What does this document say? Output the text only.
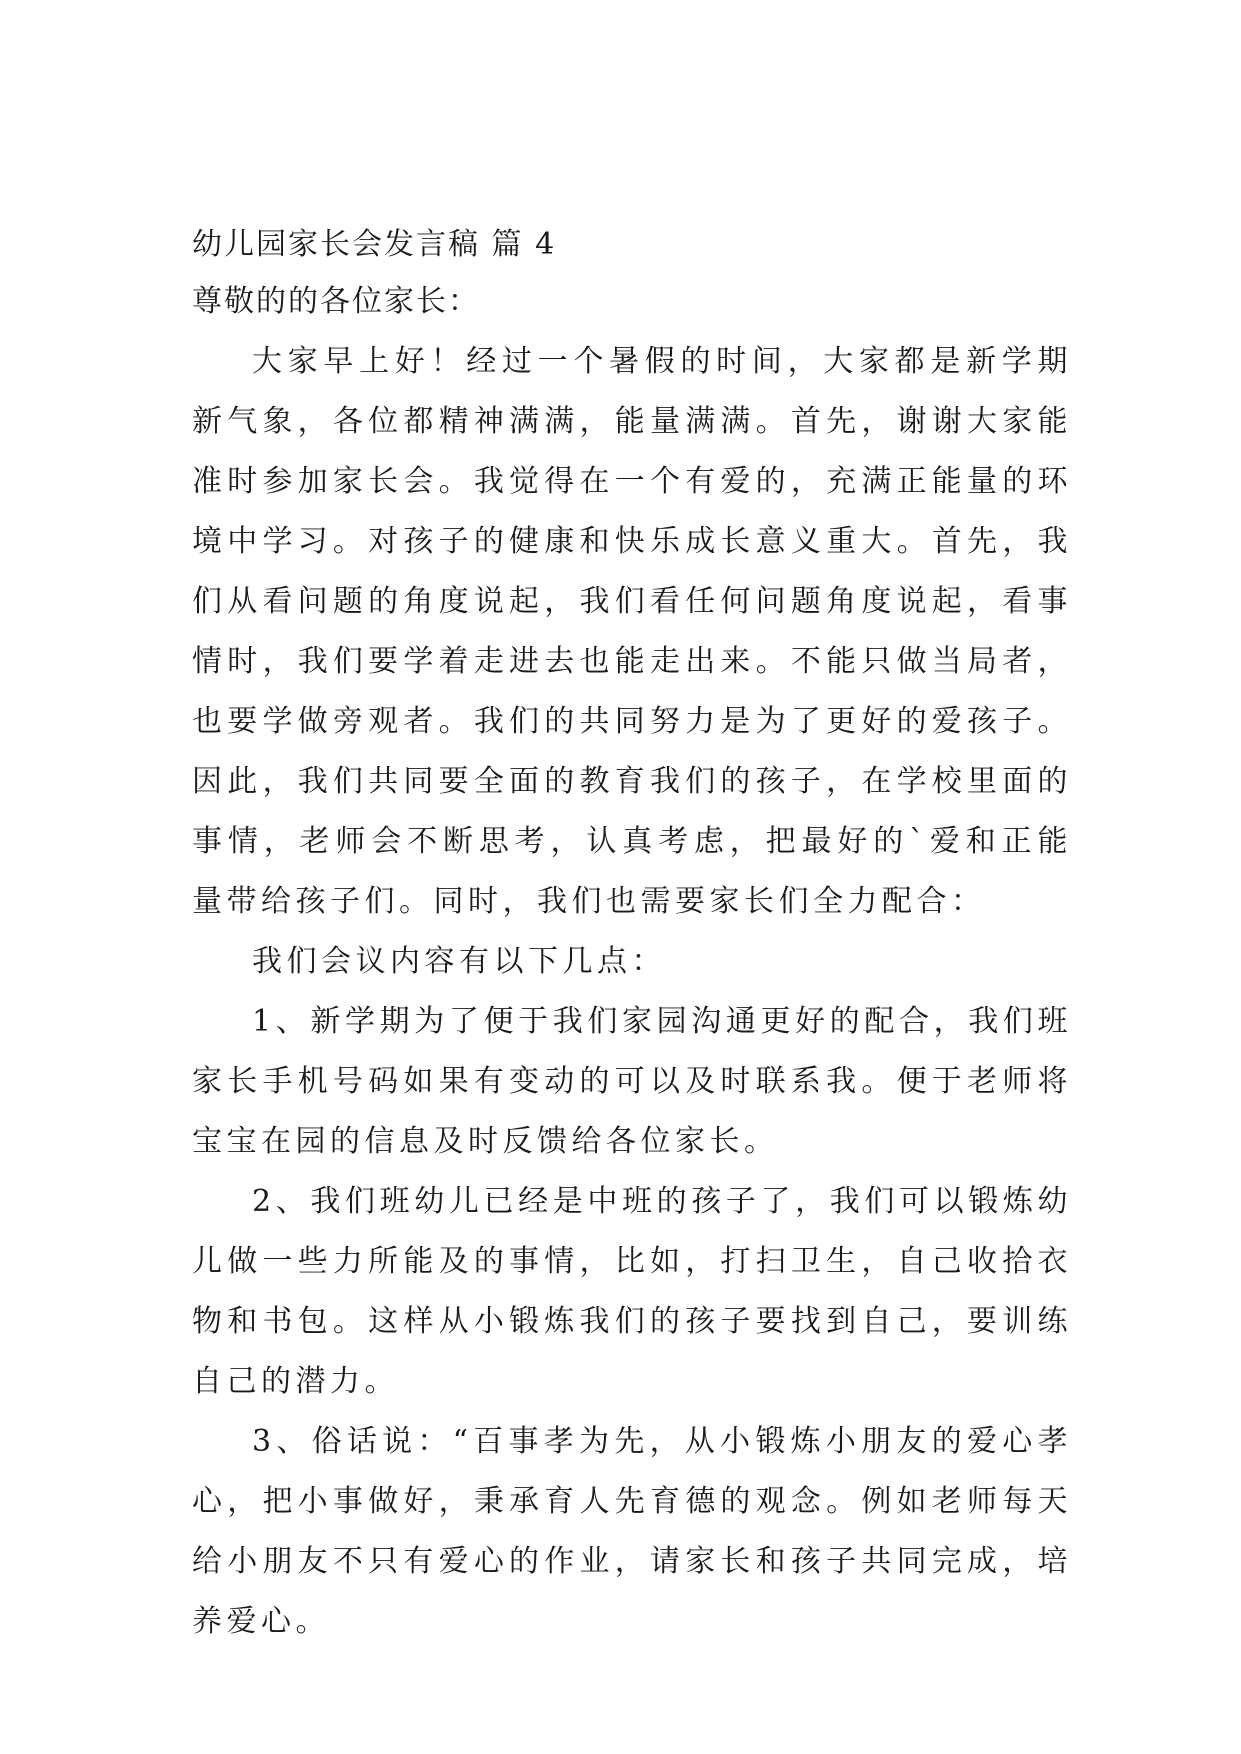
幼儿园家长会发言稿 篇 4
尊敬的的各位家长：

大家早上好！经过一个暑假的时间，大家都是新学期新气象，各位都精神满满，能量满满。首先，谢谢大家能准时参加家长会。我觉得在一个有爱的，充满正能量的环境中学习。对孩子的健康和快乐成长意义重大。首先，我们从看问题的角度说起，我们看任何问题角度说起，看事情时，我们要学着走进去也能走出来。不能只做当局者，也要学做旁观者。我们的共同努力是为了更好的爱孩子。因此，我们共同要全面的教育我们的孩子，在学校里面的事情，老师会不断思考，认真考虑，把最好的`爱和正能量带给孩子们。同时，我们也需要家长们全力配合：

我们会议内容有以下几点：

1、新学期为了便于我们家园沟通更好的配合，我们班家长手机号码如果有变动的可以及时联系我。便于老师将宝宝在园的信息及时反馈给各位家长。

2、我们班幼儿已经是中班的孩子了，我们可以锻炼幼儿做一些力所能及的事情，比如，打扫卫生，自己收拾衣物和书包。这样从小锻炼我们的孩子要找到自己，要训练自己的潜力。

3、俗话说：“百事孝为先，从小锻炼小朋友的爱心孝心，把小事做好，秉承育人先育德的观念。例如老师每天给小朋友不只有爱心的作业，请家长和孩子共同完成，培养爱心。
